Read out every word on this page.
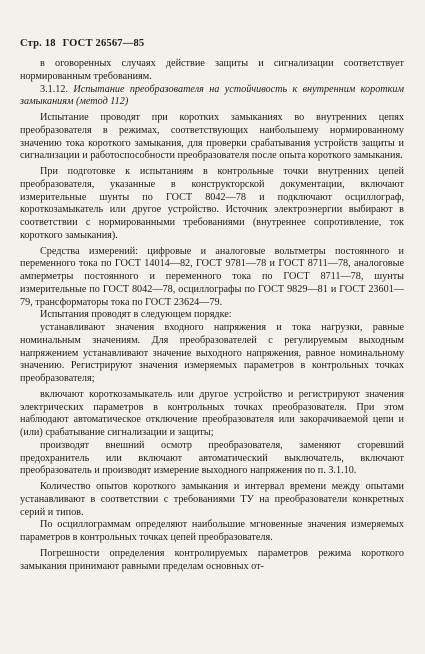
Стр. 18 ГОСТ 26567—85

в оговоренных случаях действие защиты и сигнализации соответствует нормированным требованиям.

3.1.12. Испытание преобразователя на устойчивость к внутренним коротким замыканиям (метод 112)

Испытание проводят при коротких замыканиях во внутренних цепях преобразователя в режимах, соответствующих наибольшему нормированному значению тока короткого замыкания, для проверки срабатывания устройств защиты и сигнализации и работоспособности преобразователя после опыта короткого замыкания.

При подготовке к испытаниям в контрольные точки внутренних цепей преобразователя, указанные в конструкторской документации, включают измерительные шунты по ГОСТ 8042—78 и подключают осциллограф, короткозамыкатель или другое устройство. Источник электроэнергии выбирают в соответствии с нормированными требованиями (внутреннее сопротивление, ток короткого замыкания).

Средства измерений: цифровые и аналоговые вольтметры постоянного и переменного тока по ГОСТ 14014—82, ГОСТ 9781—78 и ГОСТ 8711—78, аналоговые амперметры постоянного и переменного тока по ГОСТ 8711—78, шунты измерительные по ГОСТ 8042—78, осциллографы по ГОСТ 9829—81 и ГОСТ 23601—79, трансформаторы тока по ГОСТ 23624—79.

Испытания проводят в следующем порядке:

устанавливают значения входного напряжения и тока нагрузки, равные номинальным значениям. Для преобразователей с регулируемым выходным напряжением устанавливают значение выходного напряжения, равное номинальному значению. Регистрируют значения измеряемых параметров в контрольных точках преобразователя;

включают короткозамыкатель или другое устройство и регистрируют значения электрических параметров в контрольных точках преобразователя. При этом наблюдают автоматическое отключение преобразователя или закорачиваемой цепи и (или) срабатывание сигнализации и защиты;

производят внешний осмотр преобразователя, заменяют сгоревший предохранитель или включают автоматический выключатель, включают преобразователь и производят измерение выходного напряжения по п. 3.1.10.

Количество опытов короткого замыкания и интервал времени между опытами устанавливают в соответствии с требованиями ТУ на преобразователи конкретных серий и типов.

По осциллограммам определяют наибольшие мгновенные значения измеряемых параметров в контрольных точках цепей преобразователя.

Погрешности определения контролируемых параметров режима короткого замыкания принимают равными пределам основных от-
